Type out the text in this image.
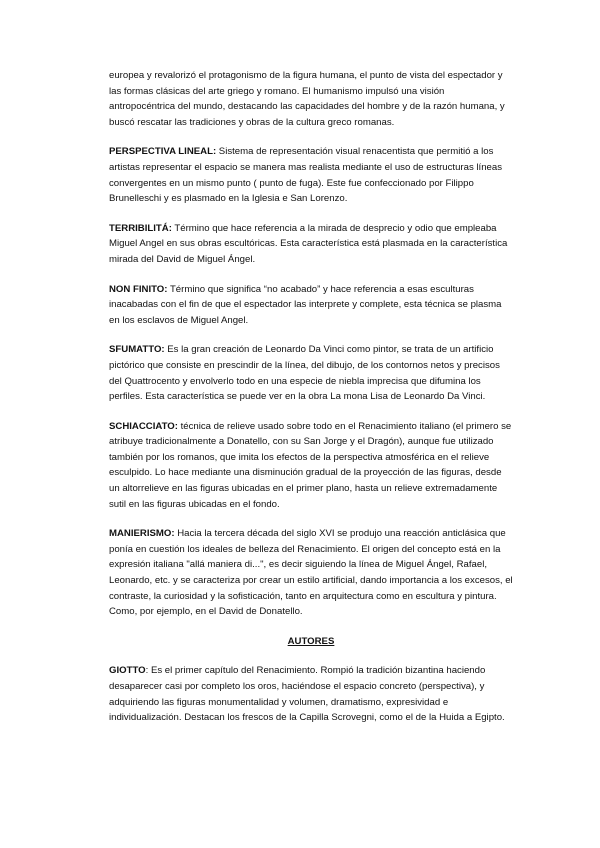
europea y revalorizó el protagonismo de la figura humana, el punto de vista del espectador y las formas clásicas del arte griego y romano. El humanismo impulsó una visión antropocéntrica del mundo, destacando las capacidades del hombre y de la razón humana, y buscó rescatar las tradiciones y obras de la cultura greco romanas.

PERSPECTIVA LINEAL: Sistema de representación visual renacentista que permitió a los artistas representar el espacio se manera mas realista mediante el uso de estructuras líneas convergentes en un mismo punto ( punto de fuga). Este fue confeccionado por Filippo Brunelleschi y es plasmado en la Iglesia e San Lorenzo.

TERRIBILITÁ: Término que hace referencia a la mirada de desprecio y odio que empleaba Miguel Angel en sus obras escultóricas. Esta característica está plasmada en la característica mirada del David de Miguel Ángel.

NON FINITO: Término que significa “no acabado” y hace referencia a esas esculturas inacabadas con el fin de que el espectador las interprete y complete, esta técnica se plasma en los esclavos de Miguel Angel.

SFUMATTO: Es la gran creación de Leonardo Da Vinci como pintor, se trata de un artificio pictórico que consiste en prescindir de la línea, del dibujo, de los contornos netos y precisos del Quattrocento y envolverlo todo en una especie de niebla imprecisa que difumina los perfiles. Esta característica se puede ver en la obra La mona Lisa de Leonardo Da Vinci.

SCHIACCIATO: técnica de relieve usado sobre todo en el Renacimiento italiano (el primero se atribuye tradicionalmente a Donatello, con su San Jorge y el Dragón), aunque fue utilizado también por los romanos, que imita los efectos de la perspectiva atmosférica en el relieve esculpido. Lo hace mediante una disminución gradual de la proyección de las figuras, desde un altorrelieve en las figuras ubicadas en el primer plano, hasta un relieve extremadamente sutil en las figuras ubicadas en el fondo.

MANIERISMO: Hacia la tercera década del siglo XVI se produjo una reacción anticlásica que ponía en cuestión los ideales de belleza del Renacimiento. El origen del concepto está en la expresión italiana "allá maniera di...", es decir siguiendo la línea de Miguel Ángel, Rafael, Leonardo, etc. y se caracteriza por crear un estilo artificial, dando importancia a los excesos, el contraste, la curiosidad y la sofisticación, tanto en arquitectura como en escultura y pintura. Como, por ejemplo, en el David de Donatello.

AUTORES

GIOTTO: Es el primer capítulo del Renacimiento. Rompió la tradición bizantina haciendo desaparecer casi por completo los oros, haciéndose el espacio concreto (perspectiva), y adquiriendo las figuras monumentalidad y volumen, dramatismo, expresividad e individualización. Destacan los frescos de la Capilla Scrovegni, como el de la Huida a Egipto.
